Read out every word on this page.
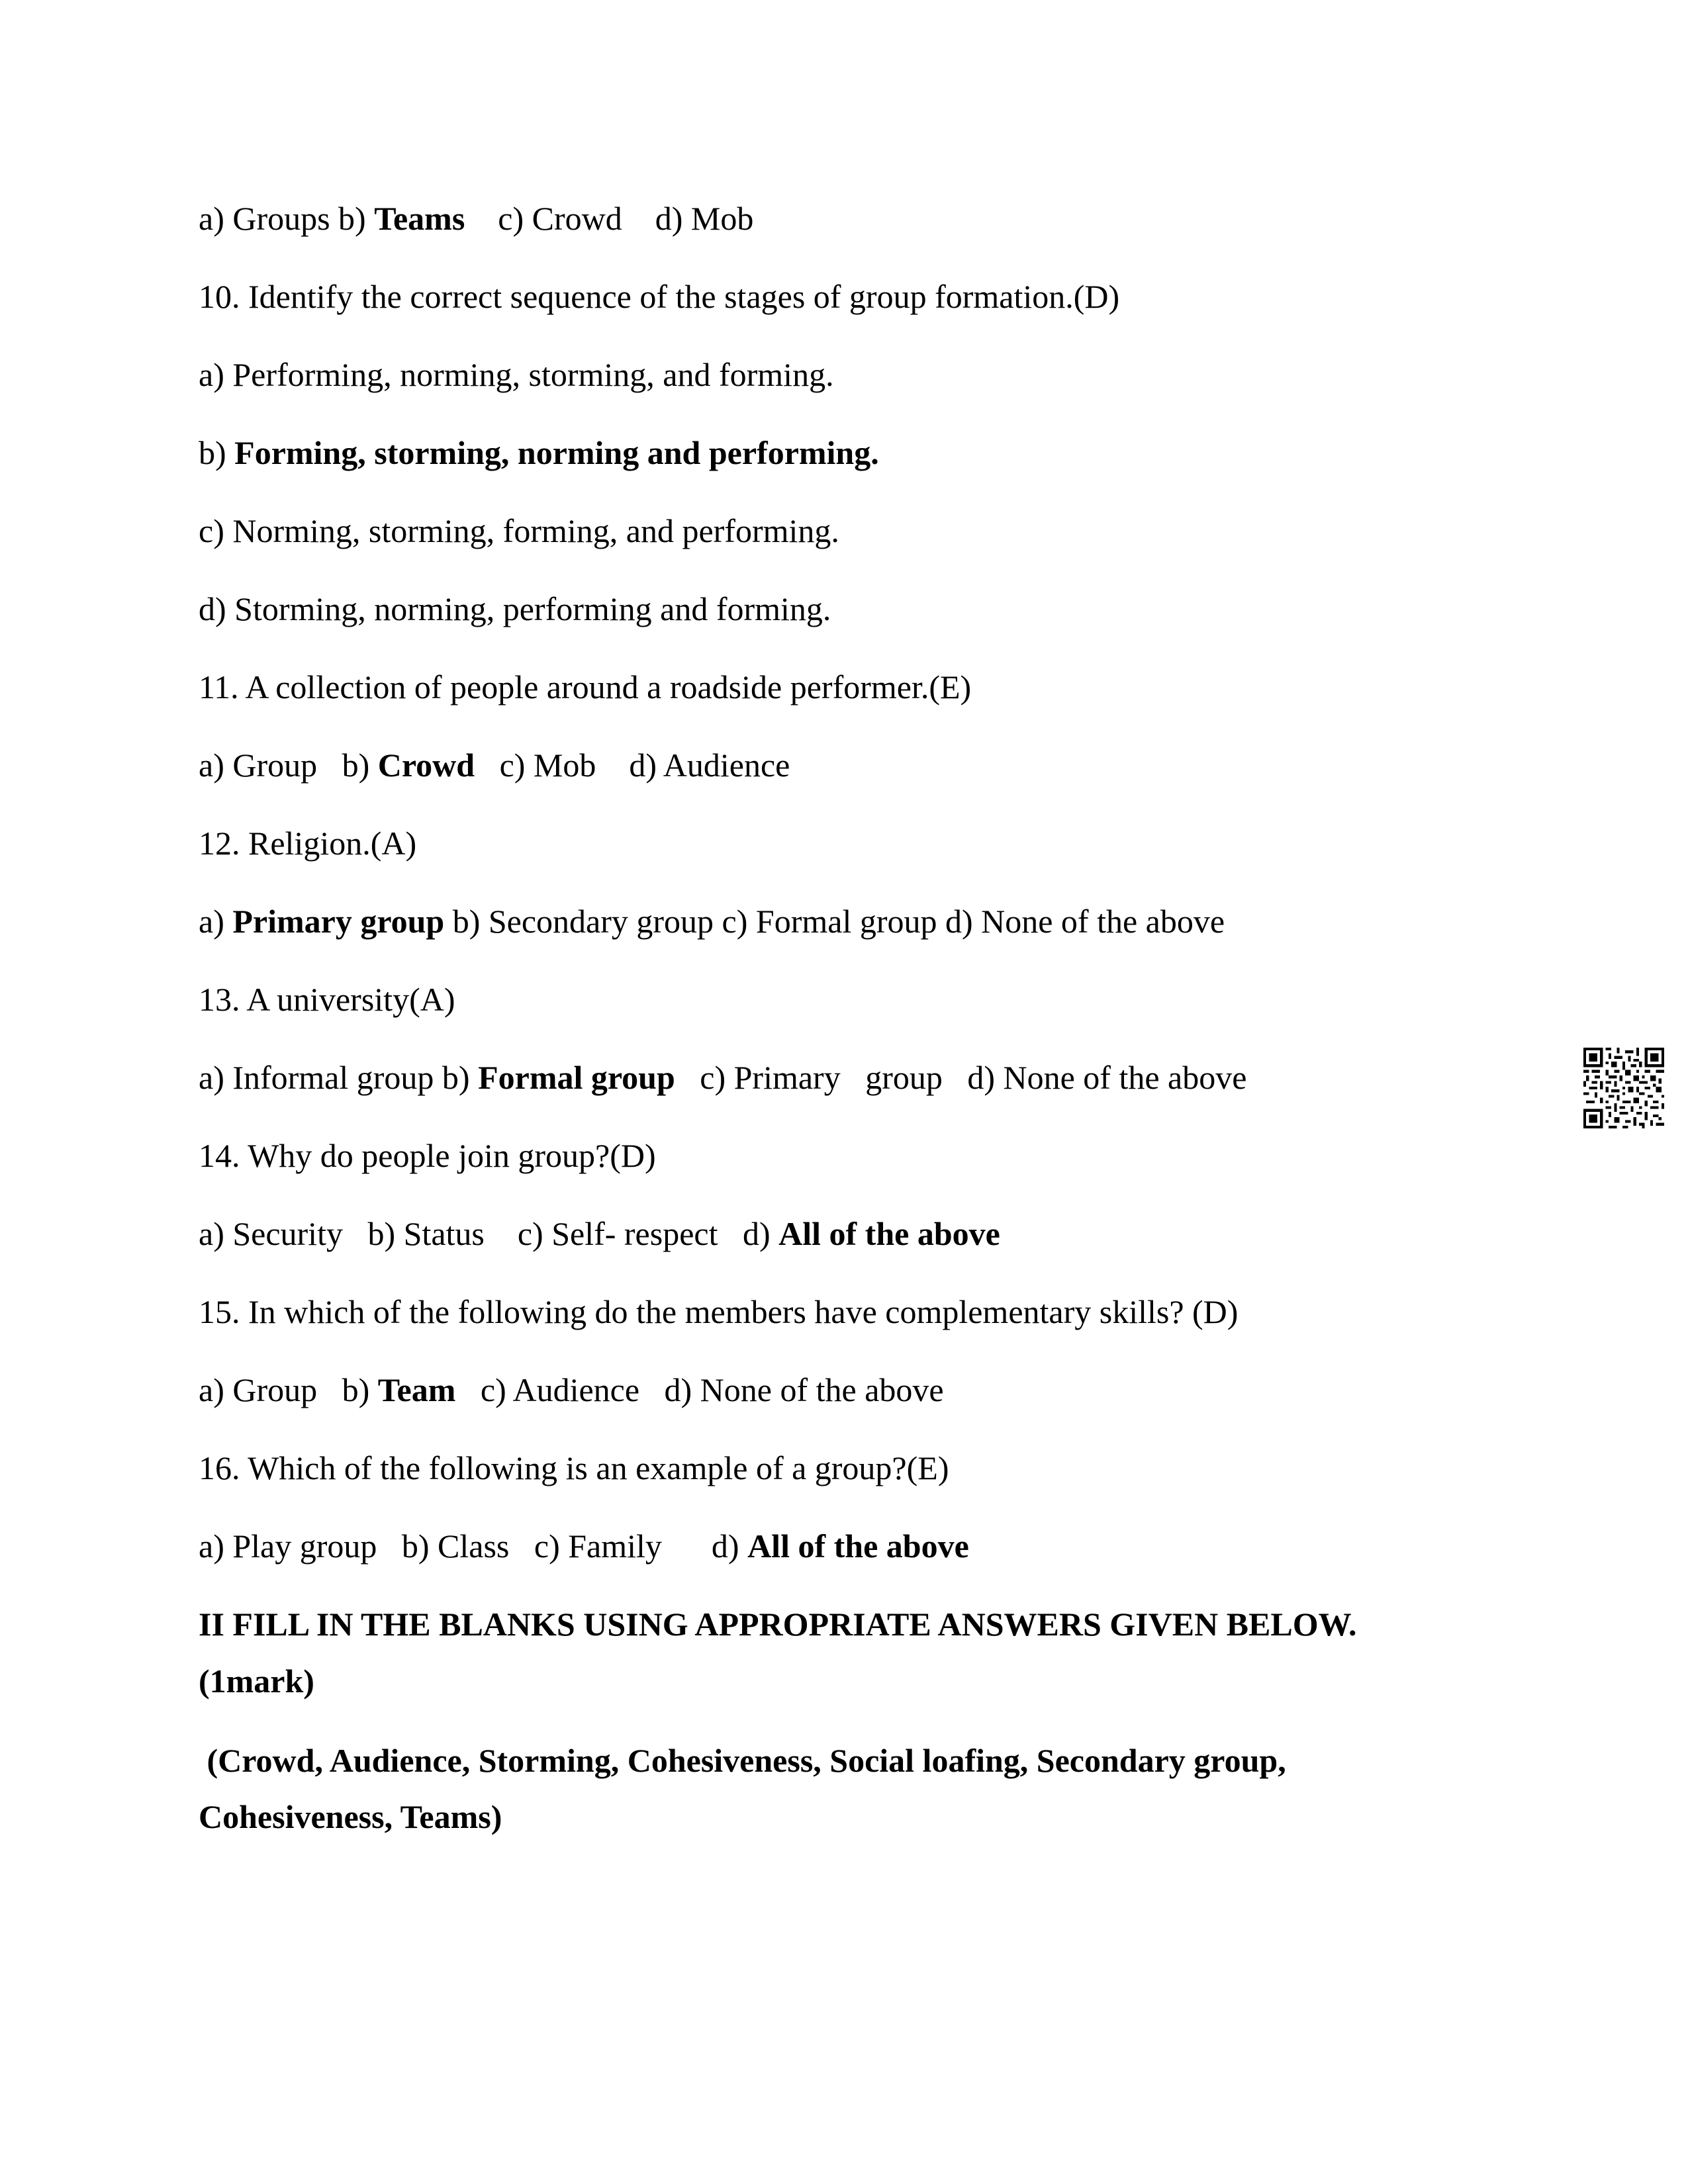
a) Groups b) Teams    c) Crowd    d) Mob
10. Identify the correct sequence of the stages of group formation.(D)
a) Performing, norming, storming, and forming.
b) Forming, storming, norming and performing.
c) Norming, storming, forming, and performing.
d) Storming, norming, performing and forming.
11. A collection of people around a roadside performer.(E)
a) Group   b) Crowd   c) Mob    d) Audience
12. Religion.(A)
a) Primary group b) Secondary group c) Formal group d) None of the above
13. A university(A)
a) Informal group b) Formal group   c) Primary   group   d) None of the above
14. Why do people join group?(D)
a) Security   b) Status    c) Self- respect   d) All of the above
15. In which of the following do the members have complementary skills? (D)
a) Group   b) Team   c) Audience   d) None of the above
16. Which of the following is an example of a group?(E)
a) Play group   b) Class   c) Family      d) All of the above
II FILL IN THE BLANKS USING APPROPRIATE ANSWERS GIVEN BELOW.
(1mark)
(Crowd, Audience, Storming, Cohesiveness, Social loafing, Secondary group,
Cohesiveness, Teams)
